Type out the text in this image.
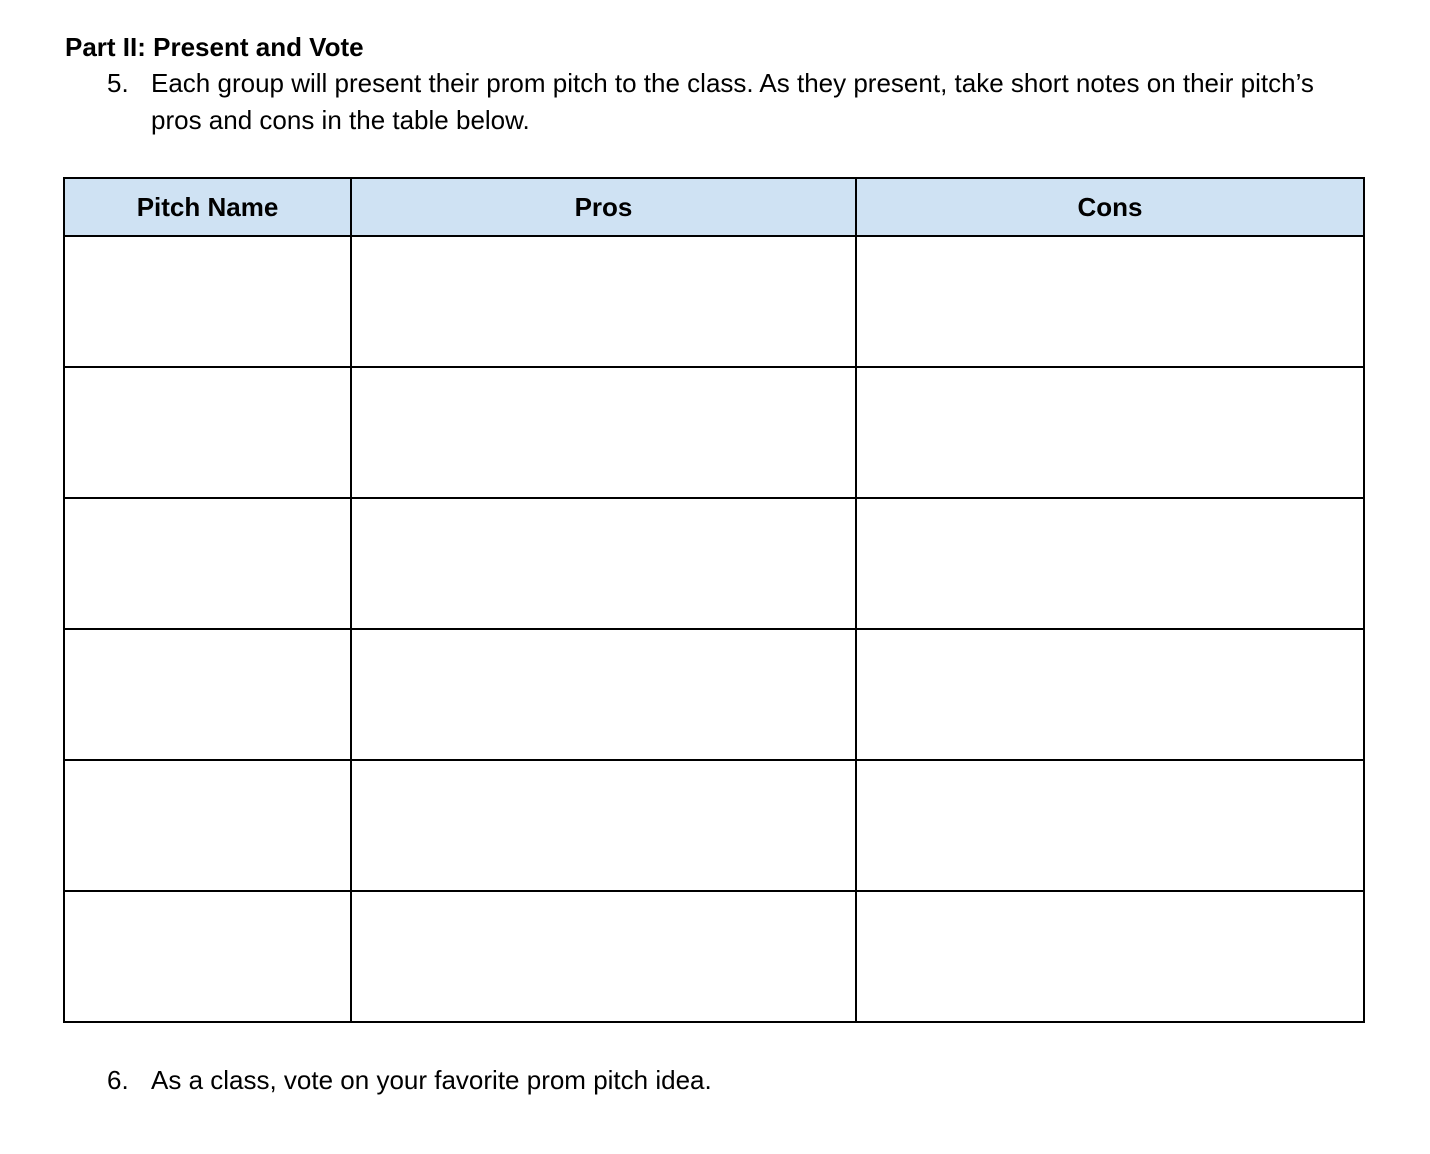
Part II: Present and Vote
5. Each group will present their prom pitch to the class. As they present, take short notes on their pitch’s pros and cons in the table below.
Pitch Name	Pros	Cons

6. As a class, vote on your favorite prom pitch idea.
